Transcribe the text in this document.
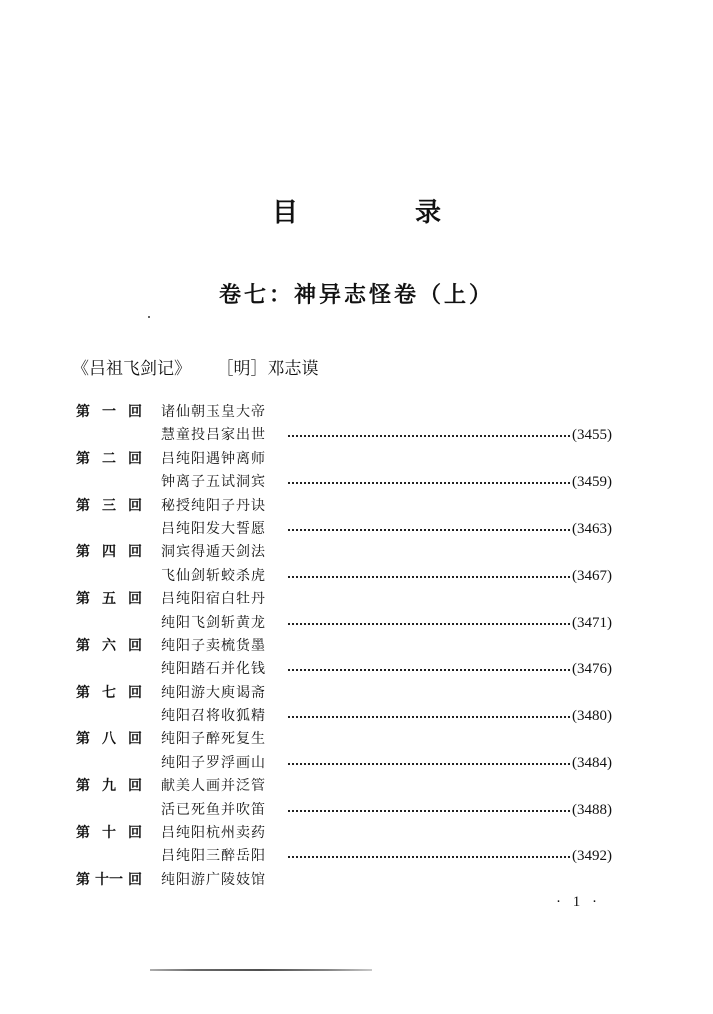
目 录
卷七：神异志怪卷（上）
《吕祖飞剑记》 ［明］邓志谟
第 一 回 诸仙朝玉皇大帝
慧童投吕家出世	(3455)
第 二 回 吕纯阳遇钟离师
钟离子五试洞宾	(3459)
第 三 回 秘授纯阳子丹诀
吕纯阳发大誓愿	(3463)
第 四 回 洞宾得遁天剑法
飞仙剑斩蛟杀虎	(3467)
第 五 回 吕纯阳宿白牡丹
纯阳飞剑斩黄龙	(3471)
第 六 回 纯阳子卖梳货墨
纯阳踏石并化钱	(3476)
第 七 回 纯阳游大庾谒斋
纯阳召将收狐精	(3480)
第 八 回 纯阳子醉死复生
纯阳子罗浮画山	(3484)
第 九 回 献美人画并泛管
活已死鱼并吹笛	(3488)
第 十 回 吕纯阳杭州卖药
吕纯阳三醉岳阳	(3492)
第 十一 回 纯阳游广陵妓馆
· 1 ·
